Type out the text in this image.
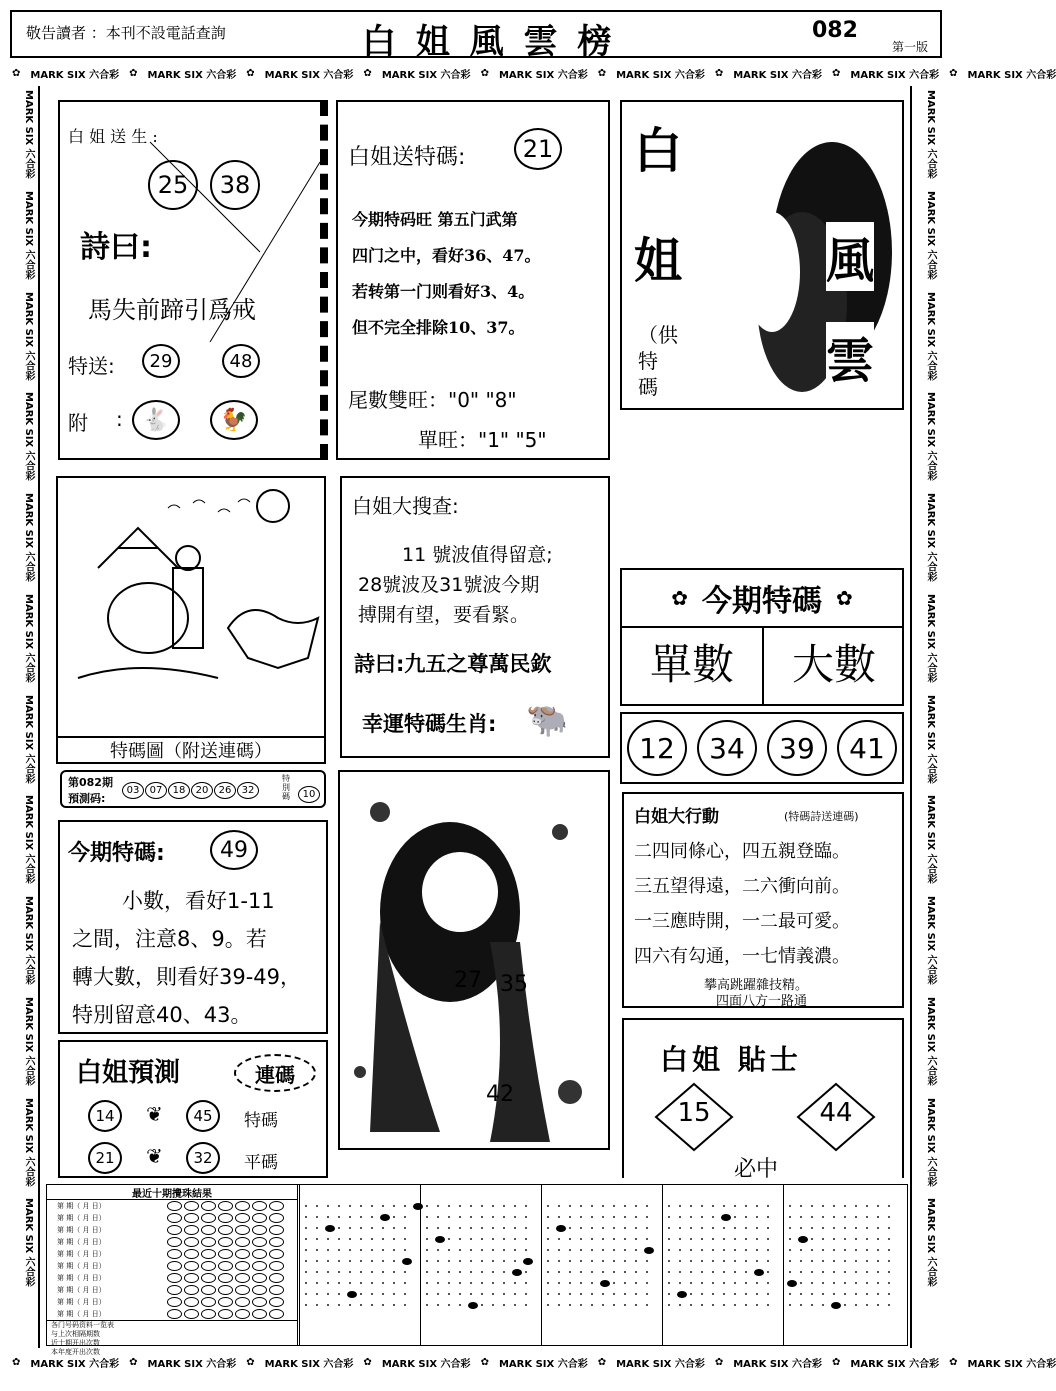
敬告讀者 ：本刊不設電話查詢	白 姐 風 雲 榜	082
第一版
✿ MARK SIX 六合彩 ✿ MARK SIX 六合彩 ✿ MARK SIX 六合彩 ✿ MARK SIX 六合彩 ✿ MARK SIX 六合彩 ✿ MARK SIX 六合彩 ✿ MARK SIX 六合彩 ✿ MARK SIX 六合彩 ✿ MARK SIX 六合彩
✿ MARK SIX 六合彩 ✿ MARK SIX 六合彩 ✿ MARK SIX 六合彩 ✿ MARK SIX 六合彩 ✿ MARK SIX 六合彩 ✿ MARK SIX 六合彩 ✿ MARK SIX 六合彩 ✿ MARK SIX 六合彩 ✿ MARK SIX 六合彩
MARK SIX 六合彩MARK SIX 六合彩MARK SIX 六合彩MARK SIX 六合彩MARK SIX 六合彩MARK SIX 六合彩MARK SIX 六合彩MARK SIX 六合彩MARK SIX 六合彩MARK SIX 六合彩MARK SIX 六合彩MARK SIX 六合彩
MARK SIX 六合彩MARK SIX 六合彩MARK SIX 六合彩MARK SIX 六合彩MARK SIX 六合彩MARK SIX 六合彩MARK SIX 六合彩MARK SIX 六合彩MARK SIX 六合彩MARK SIX 六合彩MARK SIX 六合彩MARK SIX 六合彩
白 姐 送 生 :
25	38
詩曰:
馬失前蹄引爲戒
特送:	29	48
附 : 🐇	🐓
白姐送特碼:	21
今期特码旺 第五门武第
四门之中，看好36、47。
若转第一门则看好3、4。
但不完全排除10、37。
尾數雙旺："0" "8"
單旺："1" "5"
白
姐	風
雲
（供特碼
特碼圖（附送連碼）
白姐大搜查:
11 號波值得留意;
28號波及31號波今期
搏開有望，要看緊。
詩曰:九五之尊萬民欽
幸運特碼生肖: 🐃
✿ 今期特碼 ✿
單數	大數
12	34	39	41
第082期
預測码:
03	07	18	20	26	32
特別碼	10
今期特碼:	49
小數，看好1-11
之間，注意8、9。若
轉大數，則看好39-49，
特別留意40、43。
27 35
42
白姐大行動	(特碼詩送連碼)
二四同條心，四五親登臨。
三五望得遠，二六衝向前。
一三應時開，一二最可愛。
四六有勾通，一七情義濃。
攀高跳躍雜技精。
四面八方一路通
白姐預測	連碼
14	❦	45	特碼
21	❦	32	平碼
白姐 貼士
15	44
必中
最近十期攪珠結果
第 期（ 月 日）
第 期（ 月 日）
第 期（ 月 日）
第 期（ 月 日）
第 期（ 月 日）
第 期（ 月 日）
第 期（ 月 日）
第 期（ 月 日）
第 期（ 月 日）
第 期（ 月 日）
各门号码资料一览表
与上次相隔期数
近十期开出次数
本年度开出次数
